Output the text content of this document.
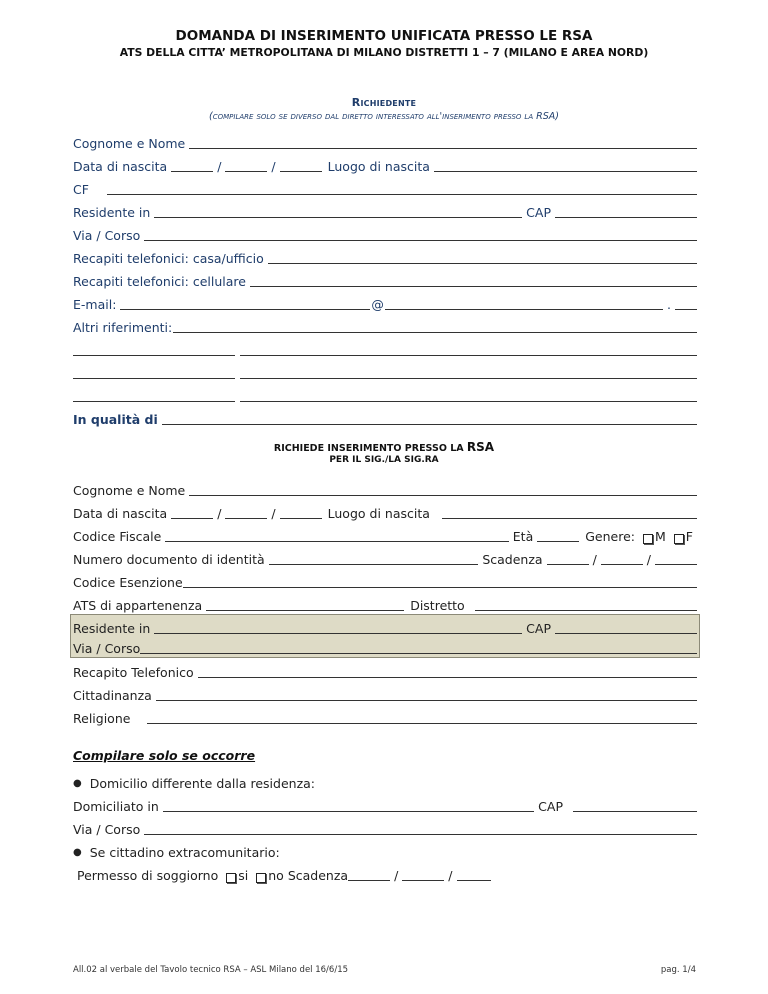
DOMANDA DI INSERIMENTO UNIFICATA PRESSO LE RSA
ATS DELLA CITTA’ METROPOLITANA DI MILANO DISTRETTI 1 – 7 (MILANO E AREA NORD)
Richiedente
(compilare solo se diverso dal diretto interessato all'inserimento presso la RSA)
Cognome e Nome
Data di nascita	/	/	Luogo di nascita
CF
Residente in	CAP
Via / Corso
Recapiti telefonici: casa/ufficio
Recapiti telefonici: cellulare
E-mail:	@	.
Altri riferimenti:
In qualità di
RICHIEDE INSERIMENTO PRESSO LA RSA
PER IL SIG./LA SIG.RA
Cognome e Nome
Data di nascita	/	/	Luogo di nascita
Codice Fiscale	Età	Genere:	M	F
Numero documento di identità	Scadenza	/	/
Codice Esenzione
ATS di appartenenza	Distretto
Residente in	CAP
Via / Corso
Recapito Telefonico
Cittadinanza
Religione
Compilare solo se occorre
● Domicilio differente dalla residenza:
Domiciliato in	CAP
Via / Corso
● Se cittadino extracomunitario:
Permesso di soggiorno	si	no Scadenza	/	/
All.02 al verbale del Tavolo tecnico RSA – ASL Milano del 16/6/15	pag. 1/4
